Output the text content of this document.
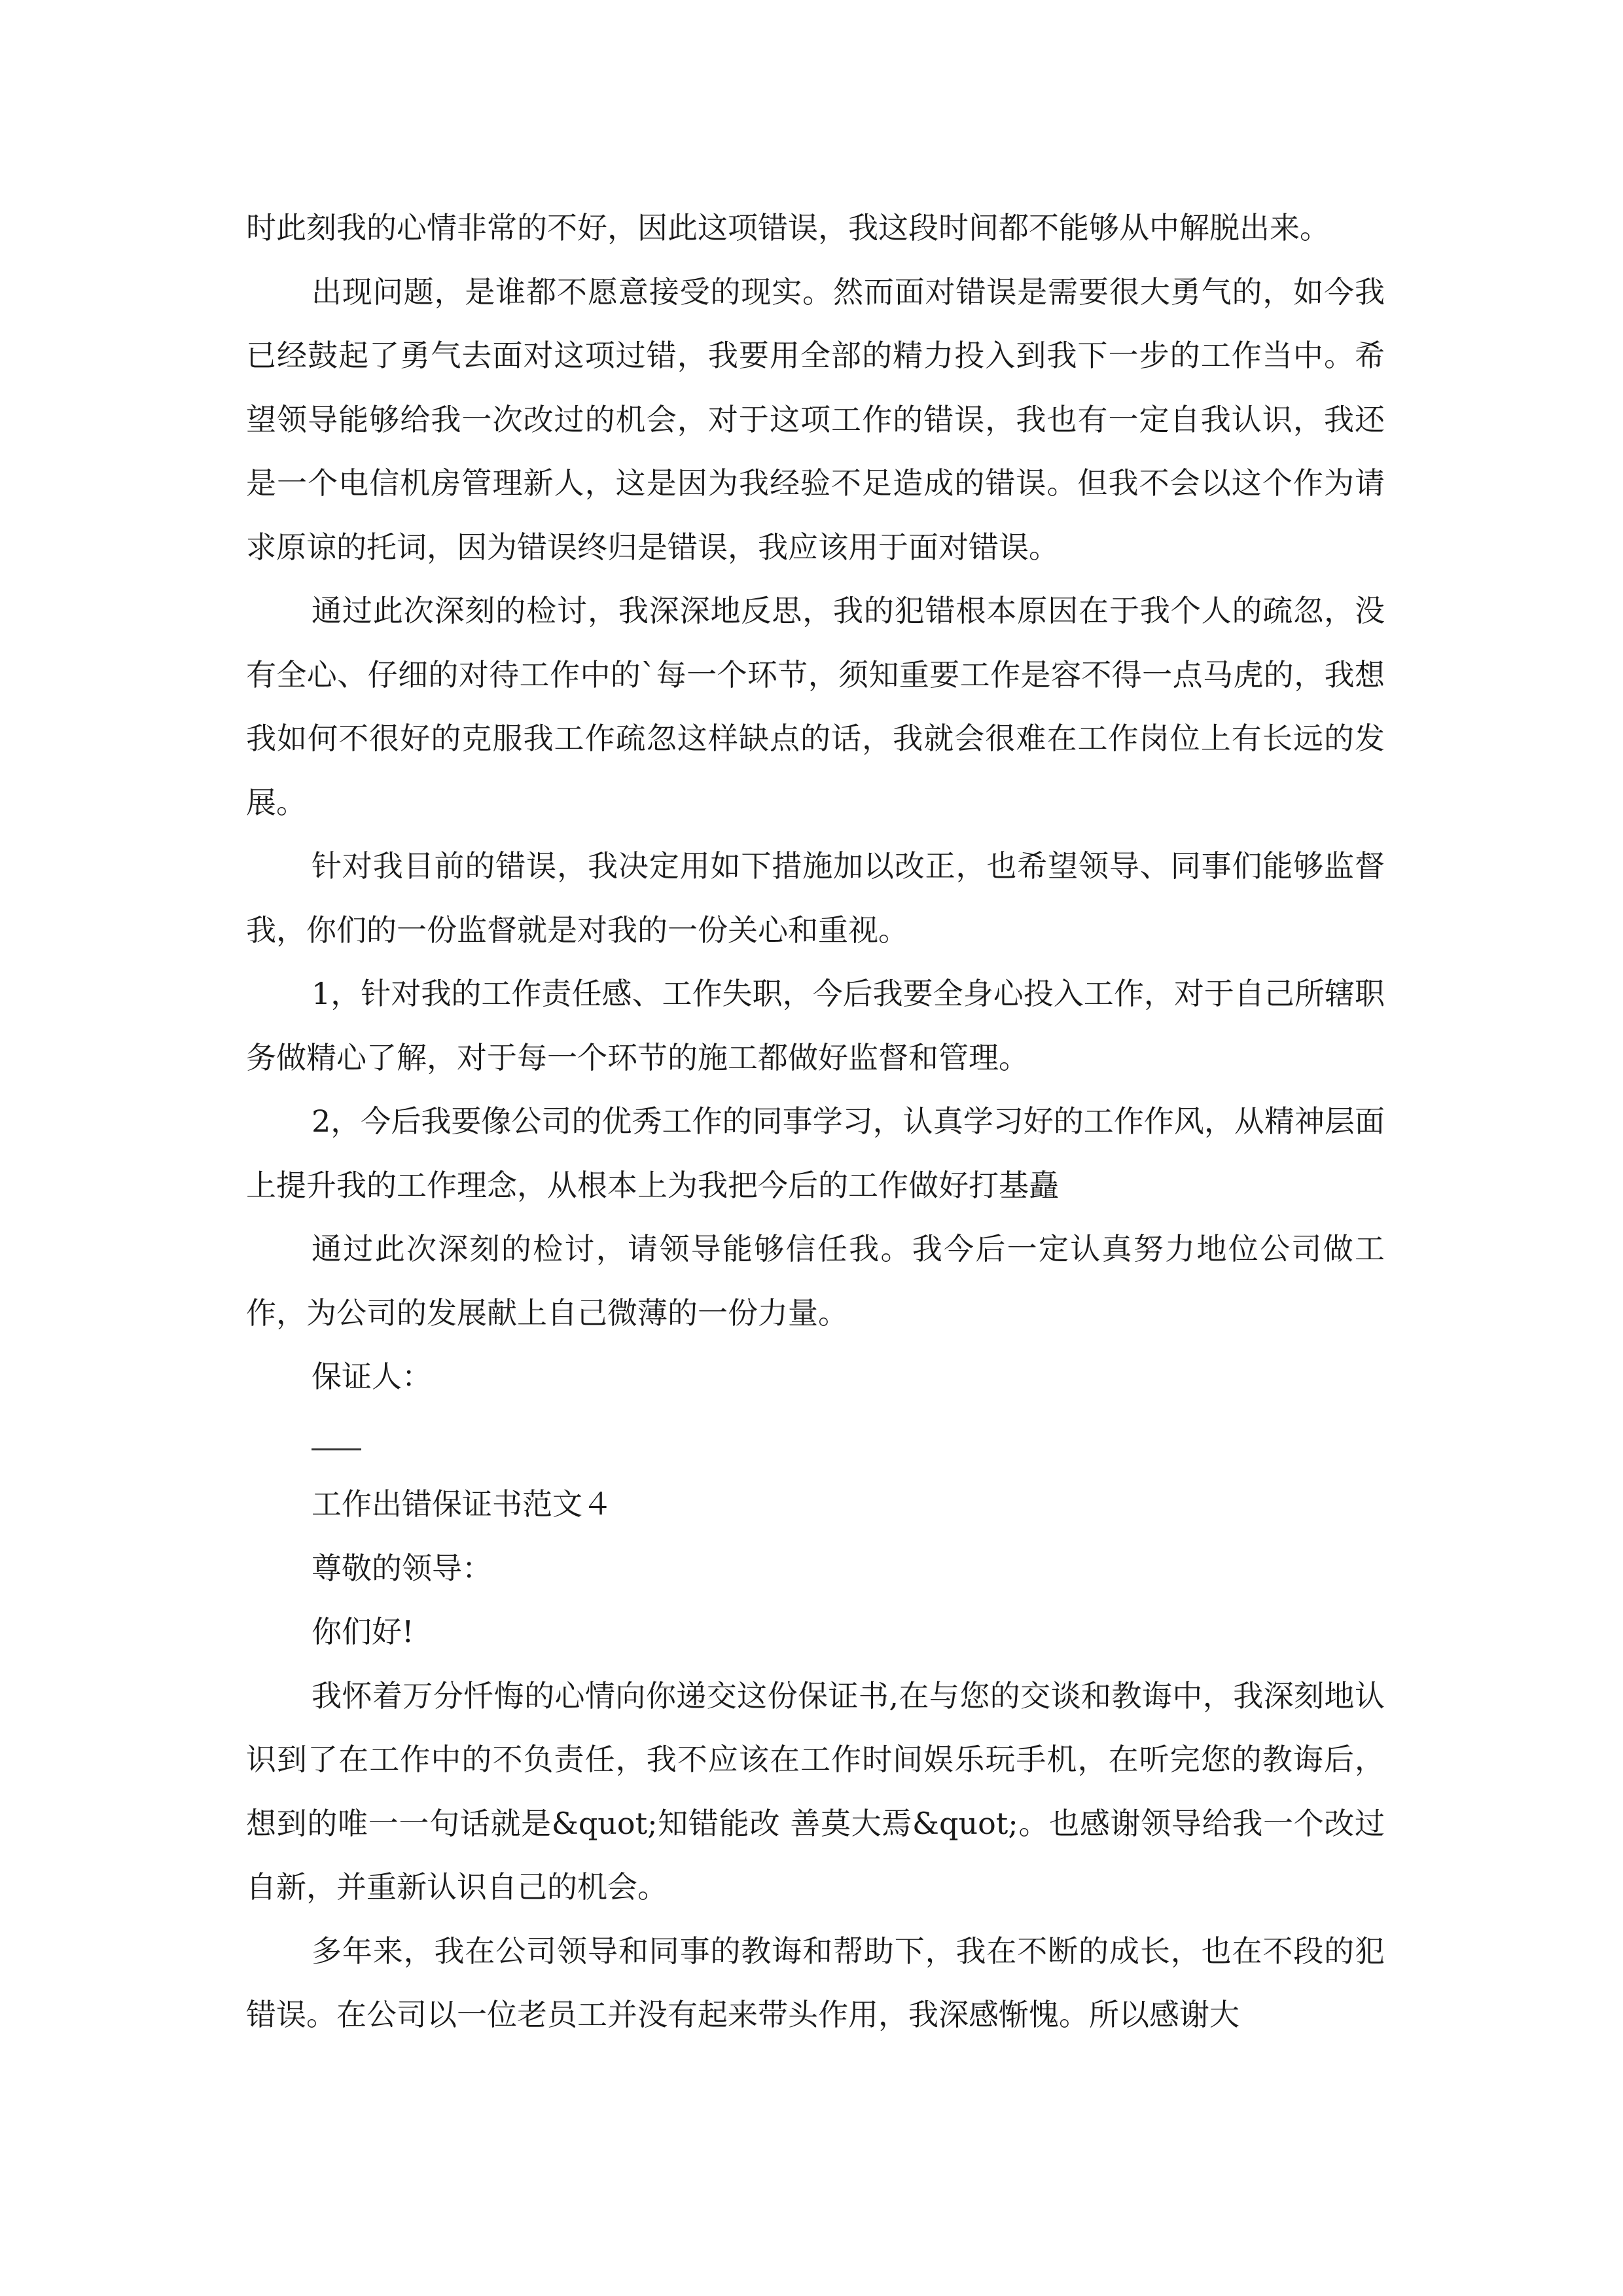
时此刻我的心情非常的不好，因此这项错误，我这段时间都不能够从中解脱出来。

出现问题，是谁都不愿意接受的现实。然而面对错误是需要很大勇气的，如今我已经鼓起了勇气去面对这项过错，我要用全部的精力投入到我下一步的工作当中。希望领导能够给我一次改过的机会，对于这项工作的错误，我也有一定自我认识，我还是一个电信机房管理新人，这是因为我经验不足造成的错误。但我不会以这个作为请求原谅的托词，因为错误终归是错误，我应该用于面对错误。

通过此次深刻的检讨，我深深地反思，我的犯错根本原因在于我个人的疏忽，没有全心、仔细的对待工作中的`每一个环节，须知重要工作是容不得一点马虎的，我想我如何不很好的克服我工作疏忽这样缺点的话，我就会很难在工作岗位上有长远的发展。

针对我目前的错误，我决定用如下措施加以改正，也希望领导、同事们能够监督我，你们的一份监督就是对我的一份关心和重视。

1，针对我的工作责任感、工作失职，今后我要全身心投入工作，对于自己所辖职务做精心了解，对于每一个环节的施工都做好监督和管理。

2，今后我要像公司的优秀工作的同事学习，认真学习好的工作作风，从精神层面上提升我的工作理念，从根本上为我把今后的工作做好打基矗

通过此次深刻的检讨，请领导能够信任我。我今后一定认真努力地位公司做工作，为公司的发展献上自己微薄的一份力量。

保证人：

工作出错保证书范文４

尊敬的领导：

你们好!

我怀着万分忏悔的心情向你递交这份保证书,在与您的交谈和教诲中，我深刻地认识到了在工作中的不负责任，我不应该在工作时间娱乐玩手机，在听完您的教诲后，想到的唯一一句话就是&quot;知错能改 善莫大焉&quot;。也感谢领导给我一个改过自新，并重新认识自己的机会。

多年来，我在公司领导和同事的教诲和帮助下，我在不断的成长，也在不段的犯错误。在公司以一位老员工并没有起来带头作用，我深感惭愧。所以感谢大
